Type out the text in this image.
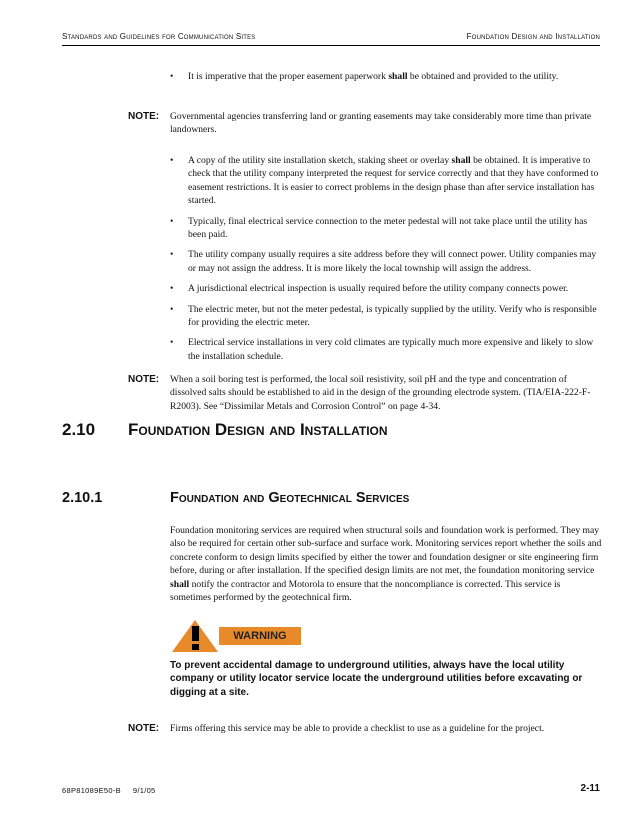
Standards and Guidelines for Communication Sites	Foundation Design and Installation
• It is imperative that the proper easement paperwork shall be obtained and provided to the utility.
NOTE: Governmental agencies transferring land or granting easements may take considerably more time than private landowners.
• A copy of the utility site installation sketch, staking sheet or overlay shall be obtained. It is imperative to check that the utility company interpreted the request for service correctly and that they have conformed to easement restrictions. It is easier to correct problems in the design phase than after service installation has started.
• Typically, final electrical service connection to the meter pedestal will not take place until the utility has been paid.
• The utility company usually requires a site address before they will connect power. Utility companies may or may not assign the address. It is more likely the local township will assign the address.
• A jurisdictional electrical inspection is usually required before the utility company connects power.
• The electric meter, but not the meter pedestal, is typically supplied by the utility. Verify who is responsible for providing the electric meter.
• Electrical service installations in very cold climates are typically much more expensive and likely to slow the installation schedule.
NOTE: When a soil boring test is performed, the local soil resistivity, soil pH and the type and concentration of dissolved salts should be established to aid in the design of the grounding electrode system. (TIA/EIA-222-F-R2003). See “Dissimilar Metals and Corrosion Control” on page 4-34.
2.10 Foundation Design and Installation
2.10.1	Foundation and Geotechnical Services
Foundation monitoring services are required when structural soils and foundation work is performed. They may also be required for certain other sub-surface and surface work. Monitoring services report whether the soils and concrete conform to design limits specified by either the tower and foundation designer or site engineering firm before, during or after installation. If the specified design limits are not met, the foundation monitoring service shall notify the contractor and Motorola to ensure that the noncompliance is corrected. This service is sometimes performed by the geotechnical firm.
WARNING
To prevent accidental damage to underground utilities, always have the local utility company or utility locator service locate the underground utilities before excavating or digging at a site.
NOTE: Firms offering this service may be able to provide a checklist to use as a guideline for the project.
68P81089E50-B     9/1/05	2-11
